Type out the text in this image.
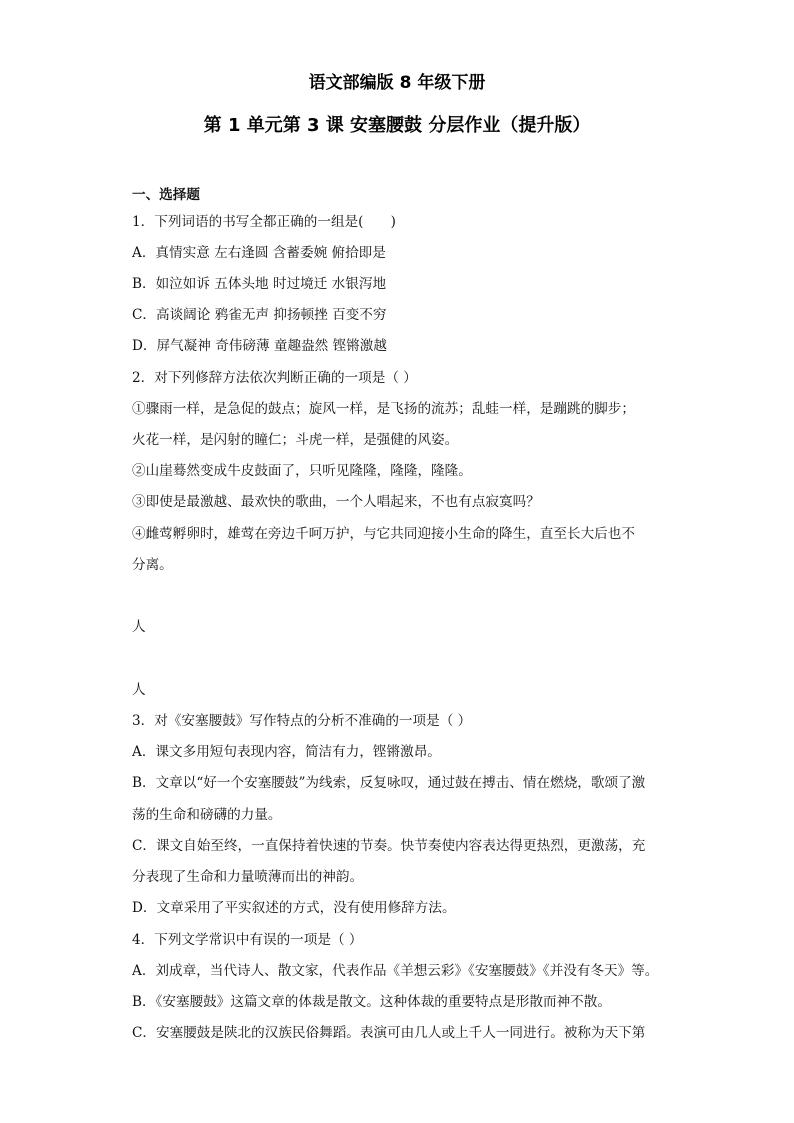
语文部编版 8 年级下册
第 1 单元第 3 课 安塞腰鼓 分层作业（提升版）
一、选择题
1．下列词语的书写全都正确的一组是(　　)
A．真情实意 左右逢圆 含蓄委婉 俯拾即是
B．如泣如诉 五体头地 时过境迁 水银泻地
C．高谈阔论 鸦雀无声 抑扬顿挫 百变不穷
D．屏气凝神 奇伟磅薄 童趣盎然 铿锵激越
2．对下列修辞方法依次判断正确的一项是（ ）
①骤雨一样，是急促的鼓点；旋风一样，是飞扬的流苏；乱蛙一样，是蹦跳的脚步；
火花一样，是闪射的瞳仁；斗虎一样，是强健的风姿。
②山崖蓦然变成牛皮鼓面了，只听见隆隆，隆隆，隆隆。
③即使是最激越、最欢快的歌曲，一个人唱起来，不也有点寂寞吗？
④雌莺孵卵时，雄莺在旁边千呵万护，与它共同迎接小生命的降生，直至长大后也不
分离。
人
人
3．对《安塞腰鼓》写作特点的分析不准确的一项是（ ）
A．课文多用短句表现内容，简洁有力，铿锵激昂。
B．文章以“好一个安塞腰鼓”为线索，反复咏叹，通过鼓在搏击、情在燃烧，歌颂了激
荡的生命和磅礴的力量。
C．课文自始至终，一直保持着快速的节奏。快节奏使内容表达得更热烈，更激荡，充
分表现了生命和力量喷薄而出的神韵。
D．文章采用了平实叙述的方式，没有使用修辞方法。
4．下列文学常识中有误的一项是（ ）
A．刘成章，当代诗人、散文家，代表作品《羊想云彩》《安塞腰鼓》《并没有冬天》等。
B．《安塞腰鼓》这篇文章的体裁是散文。这种体裁的重要特点是形散而神不散。
C．安塞腰鼓是陕北的汉族民俗舞蹈。表演可由几人或上千人一同进行。被称为天下第
